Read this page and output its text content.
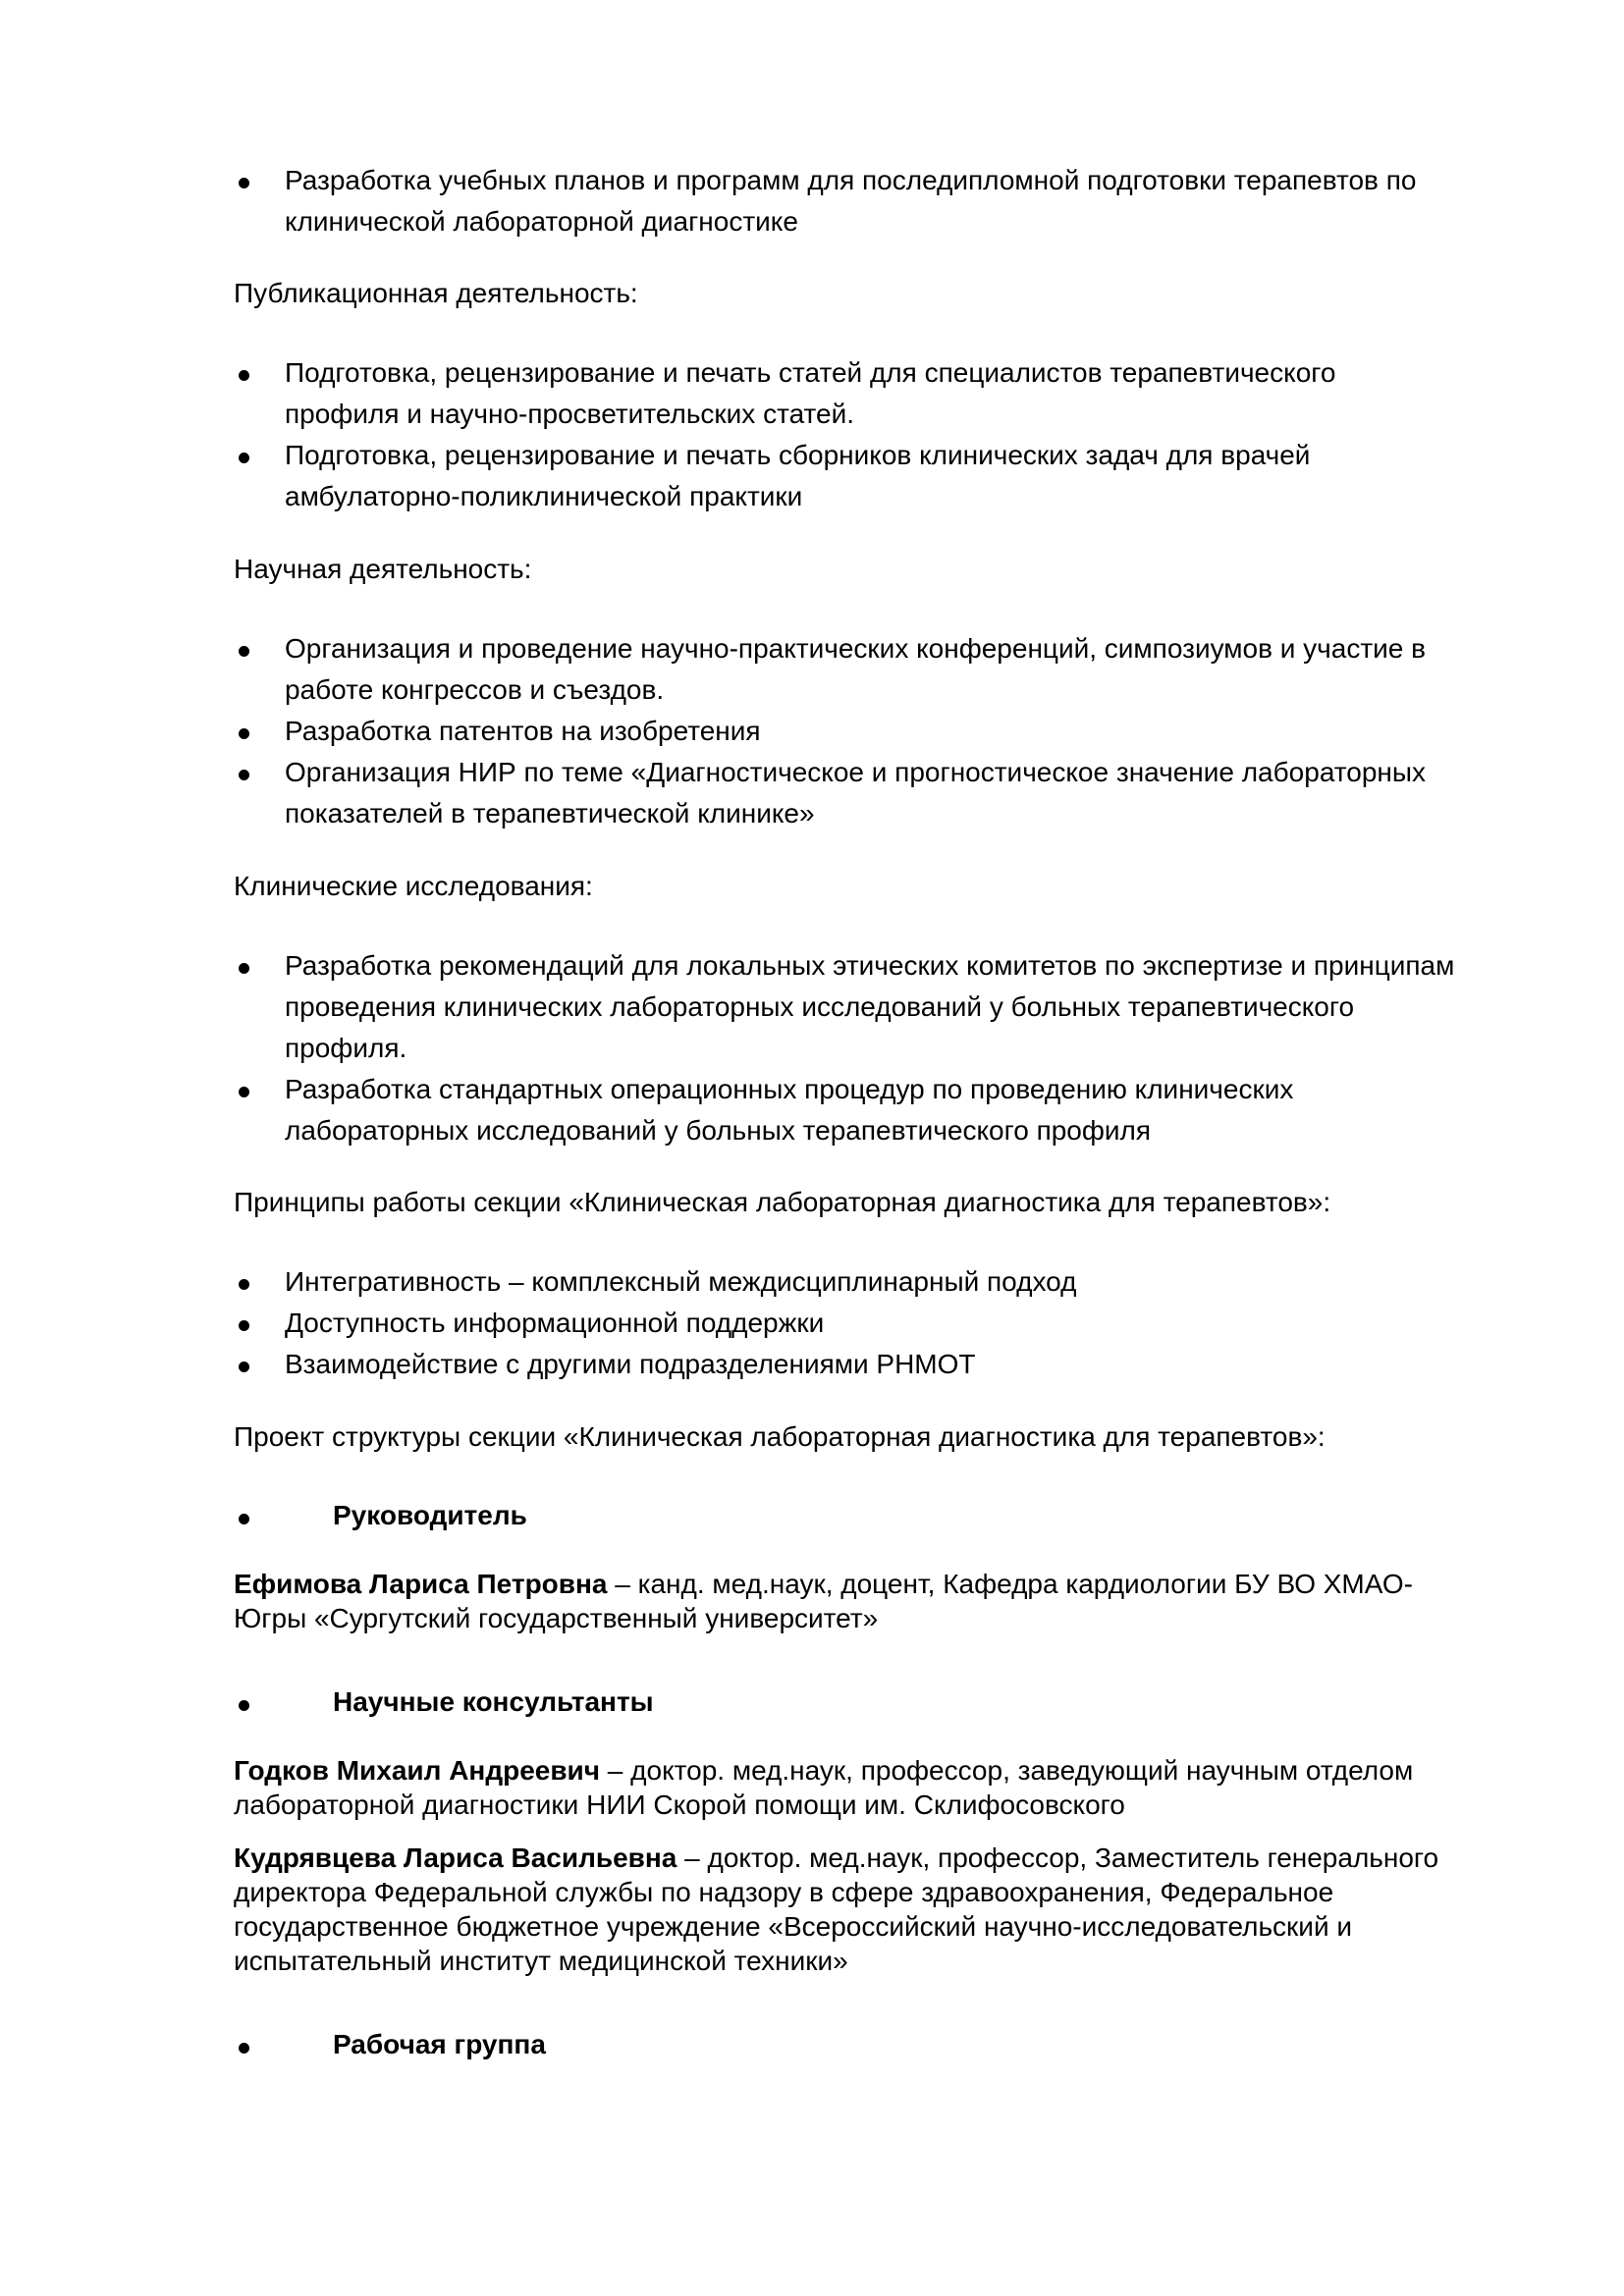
Разработка учебных планов и программ для последипломной подготовки терапевтов по
клинической лабораторной диагностике
Публикационная деятельность:
Подготовка, рецензирование и печать статей для специалистов терапевтического
профиля и научно-просветительских статей.
Подготовка, рецензирование и печать сборников клинических задач для врачей
амбулаторно-поликлинической практики
Научная деятельность:
Организация и проведение научно-практических конференций, симпозиумов и участие в
работе конгрессов и съездов.
Разработка патентов на изобретения
Организация НИР по теме «Диагностическое и прогностическое значение лабораторных
показателей в терапевтической клинике»
Клинические исследования:
Разработка рекомендаций для локальных этических комитетов по экспертизе и принципам
проведения клинических лабораторных исследований у больных терапевтического
профиля.
Разработка стандартных операционных процедур по проведению клинических
лабораторных исследований у больных терапевтического профиля
Принципы работы секции «Клиническая лабораторная диагностика для терапевтов»:
Интегративность – комплексный междисциплинарный подход
Доступность информационной поддержки
Взаимодействие с другими подразделениями РНМОТ
Проект структуры секции «Клиническая лабораторная диагностика для терапевтов»:
Руководитель
Ефимова Лариса Петровна – канд. мед.наук, доцент, Кафедра кардиологии БУ ВО ХМАО-
Югры «Сургутский государственный университет»
Научные консультанты
Годков Михаил Андреевич – доктор. мед.наук, профессор, заведующий научным отделом
лабораторной диагностики НИИ Скорой помощи им. Склифосовского
Кудрявцева Лариса Васильевна – доктор. мед.наук, профессор, Заместитель генерального
директора Федеральной службы по надзору в сфере здравоохранения, Федеральное
государственное бюджетное учреждение «Всероссийский научно-исследовательский и
испытательный институт медицинской техники»
Рабочая группа
